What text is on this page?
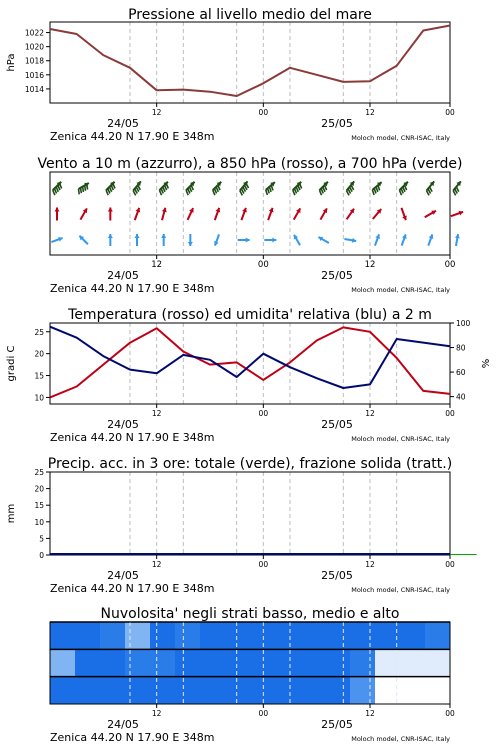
Pressione al livello medio del mare
1014
1016
1018
1020
1022
hPa
12	00	12	00
24/05	25/05
Zenica 44.20 N 17.90 E 348m	Moloch model, CNR-ISAC, Italy
Vento a 10 m (azzurro), a 850 hPa (rosso), a 700 hPa (verde)
12	00	12	00
24/05	25/05
Zenica 44.20 N 17.90 E 348m	Moloch model, CNR-ISAC, Italy
Temperatura (rosso) ed umidita' relativa (blu) a 2 m
10
15
20
25
40
60
80
100
gradi C	%
12	00	12	00
24/05	25/05
Zenica 44.20 N 17.90 E 348m	Moloch model, CNR-ISAC, Italy
Precip. acc. in 3 ore: totale (verde), frazione solida (tratt.)
0
5
10
15
20
25
mm
12	00	12	00
24/05	25/05
Zenica 44.20 N 17.90 E 348m	Moloch model, CNR-ISAC, Italy
Nuvolosita' negli strati basso, medio e alto
12	00	12	00
24/05	25/05
Zenica 44.20 N 17.90 E 348m	Moloch model, CNR-ISAC, Italy
